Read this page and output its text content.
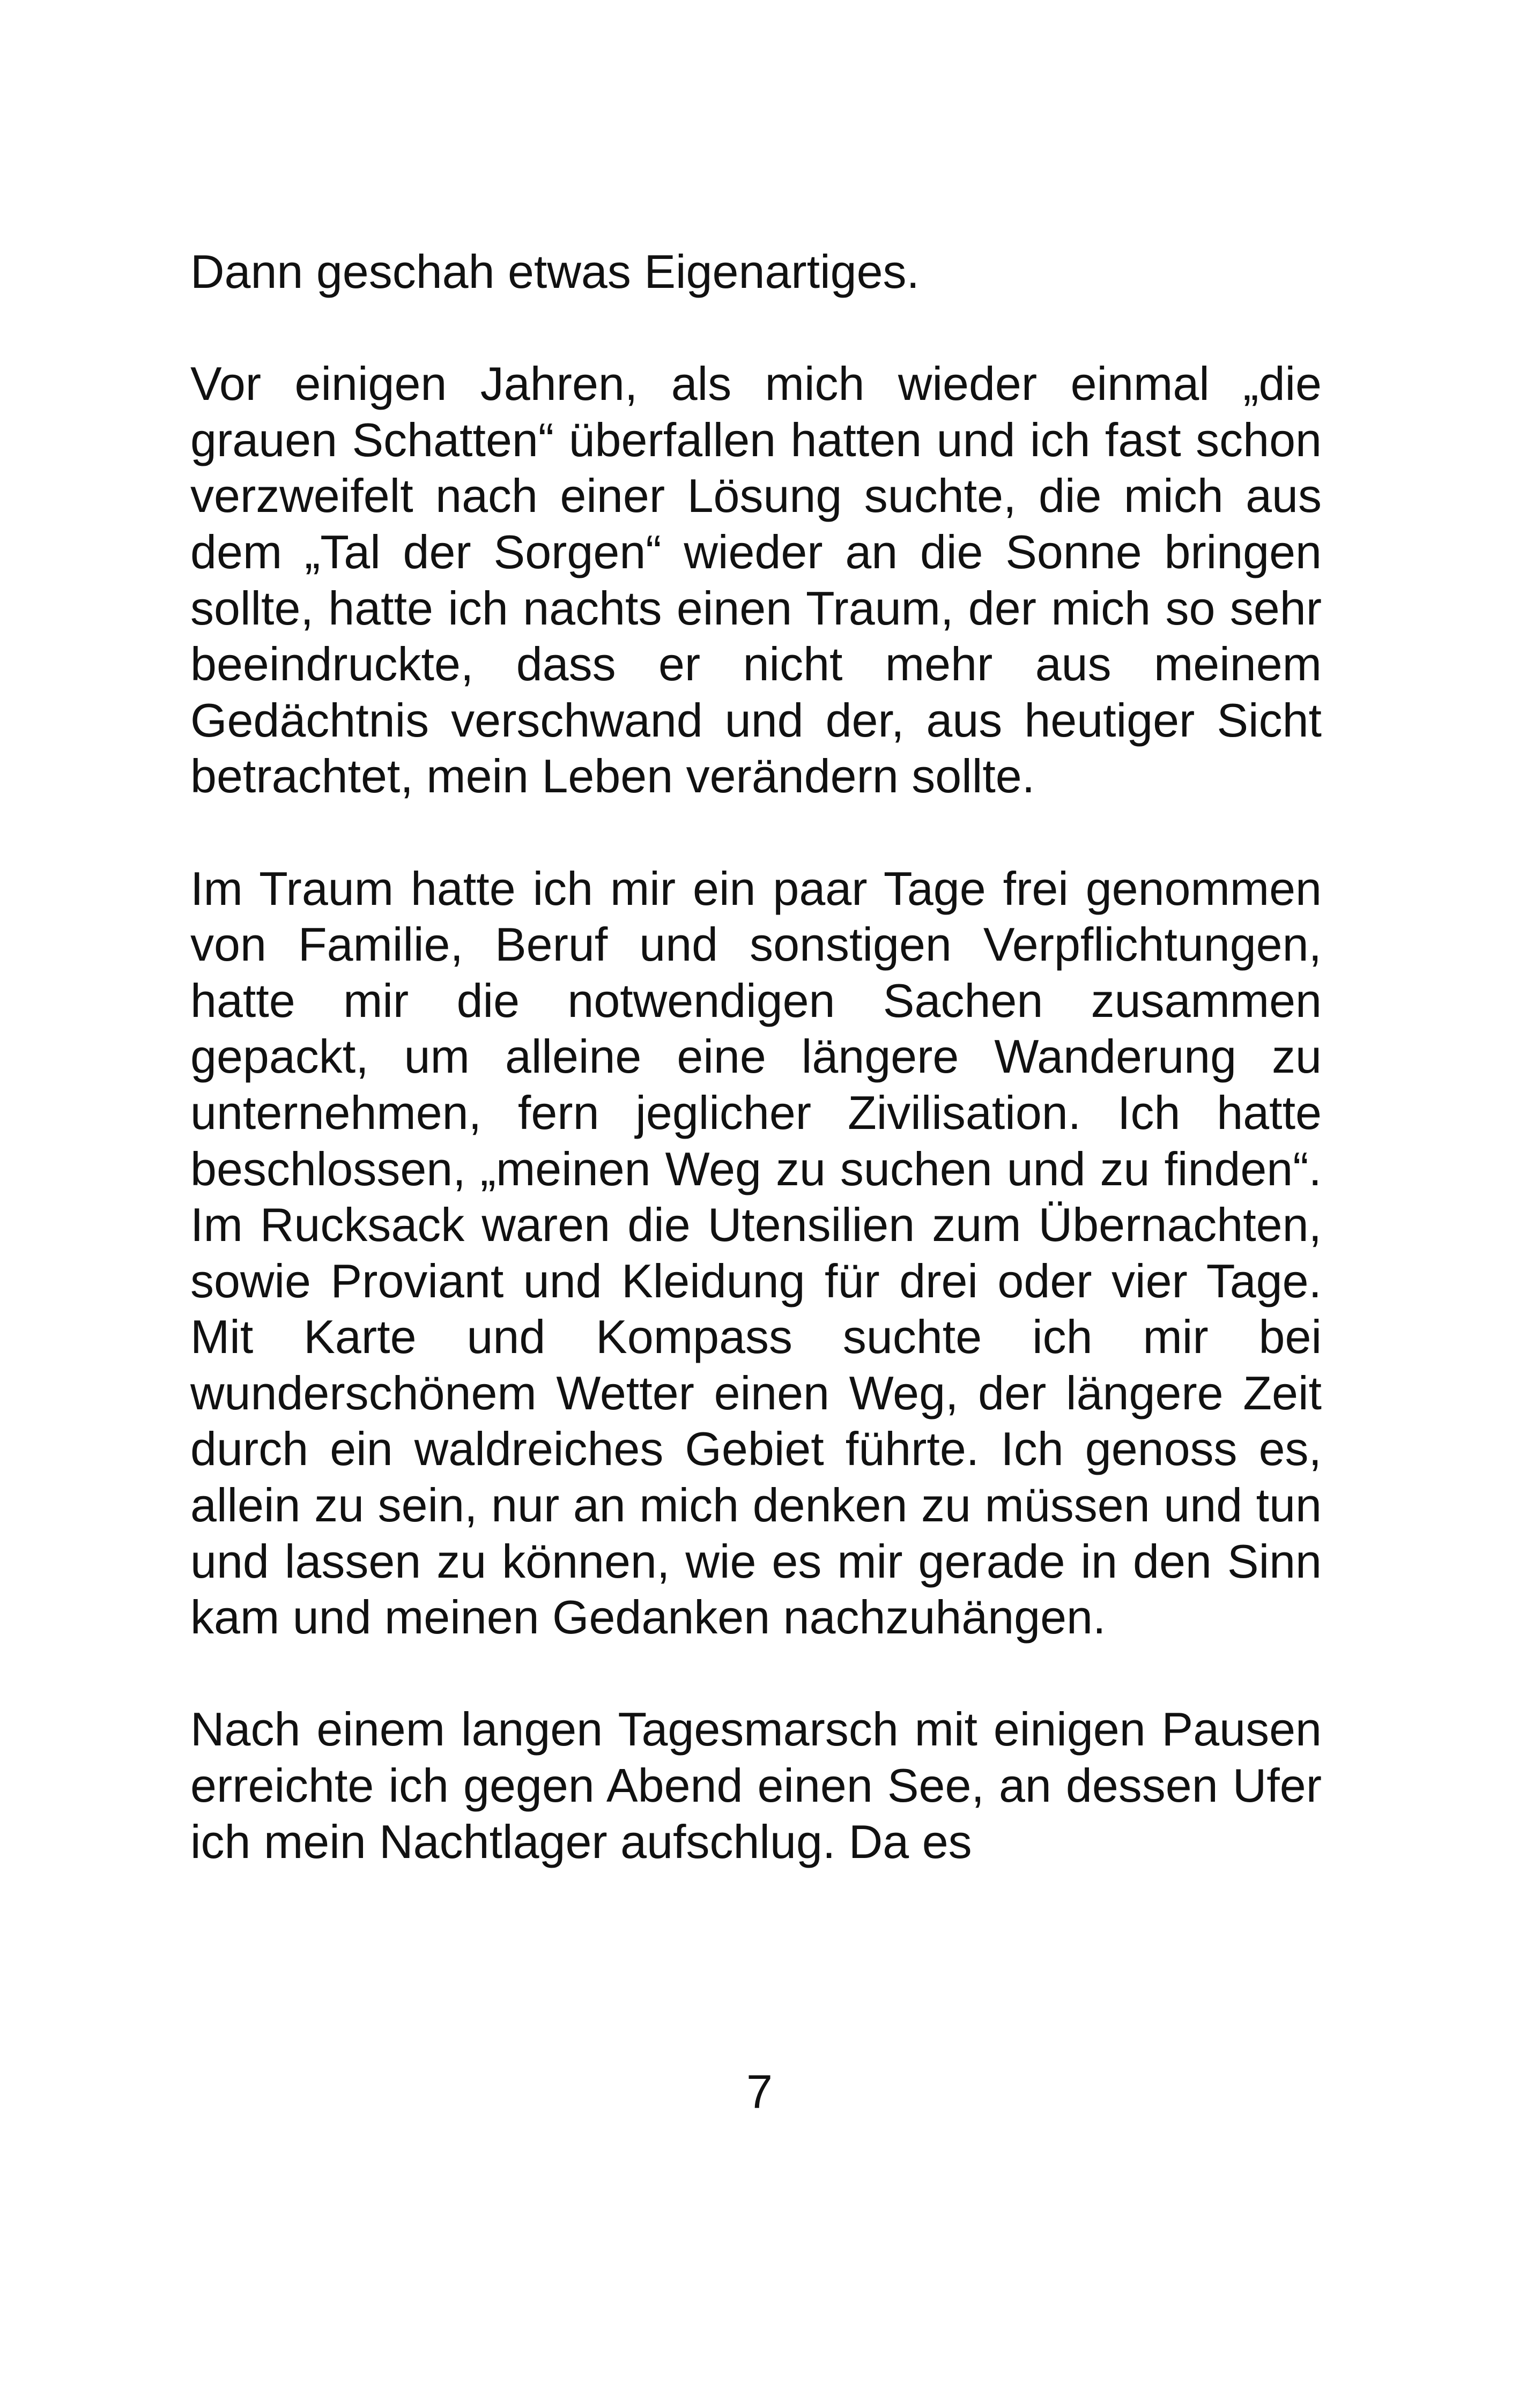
Dann geschah etwas Eigenartiges.

Vor einigen Jahren, als mich wieder einmal „die grauen Schatten“ überfallen hatten und ich fast schon verzweifelt nach einer Lösung suchte, die mich aus dem „Tal der Sorgen“ wieder an die Sonne bringen sollte, hatte ich nachts einen Traum, der mich so sehr beeindruckte, dass er nicht mehr aus meinem Gedächtnis verschwand und der, aus heutiger Sicht betrachtet, mein Leben verändern sollte.

Im Traum hatte ich mir ein paar Tage frei genommen von Familie, Beruf und sonstigen Verpflichtungen, hatte mir die notwendigen Sachen zusammen gepackt, um alleine eine längere Wanderung zu unternehmen, fern jeglicher Zivilisation. Ich hatte beschlossen, „meinen Weg zu suchen und zu finden“. Im Rucksack waren die Utensilien zum Übernachten, sowie Proviant und Kleidung für drei oder vier Tage. Mit Karte und Kompass suchte ich mir bei wunderschönem Wetter einen Weg, der längere Zeit durch ein waldreiches Gebiet führte. Ich genoss es, allein zu sein, nur an mich denken zu müssen und tun und lassen zu können, wie es mir gerade in den Sinn kam und meinen Gedanken nachzuhängen.

Nach einem langen Tagesmarsch mit einigen Pausen erreichte ich gegen Abend einen See, an dessen Ufer ich mein Nachtlager aufschlug. Da es

7
